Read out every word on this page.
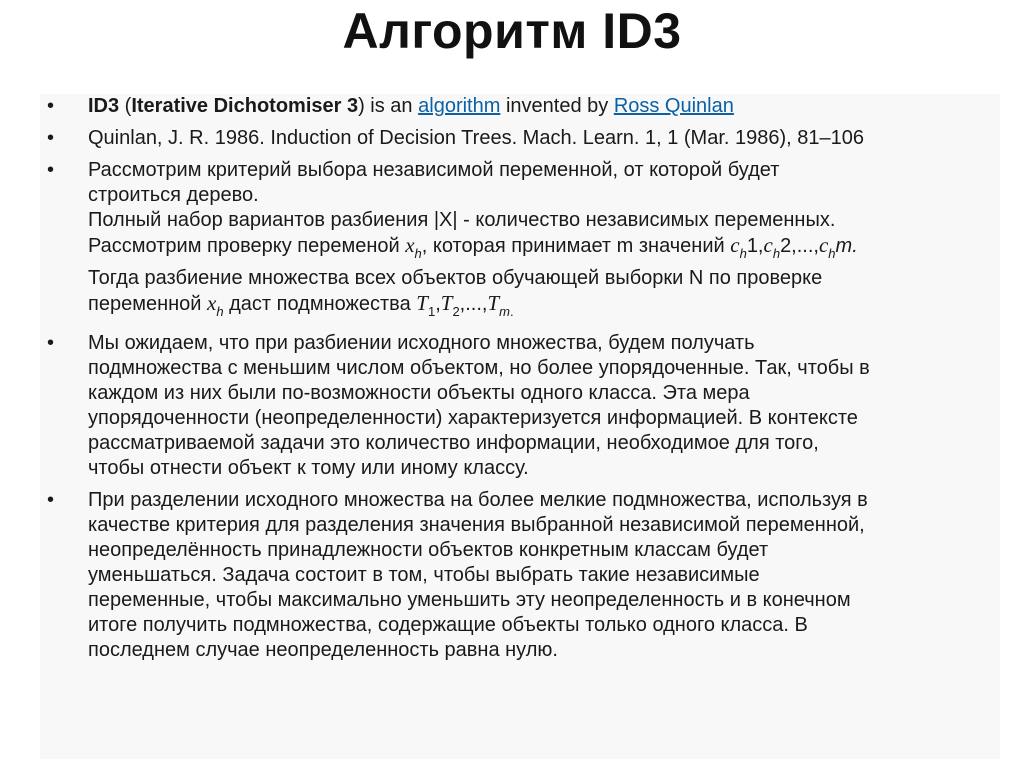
Алгоритм ID3
• ID3 (Iterative Dichotomiser 3) is an algorithm invented by Ross Quinlan
• Quinlan, J. R. 1986. Induction of Decision Trees. Mach. Learn. 1, 1 (Mar. 1986), 81–106
• Рассмотрим критерий выбора независимой переменной, от которой будет
строиться дерево.
Полный набор вариантов разбиения |X| - количество независимых переменных.
Рассмотрим проверку переменой $x_h$, которая принимает m значений $c_h1,c_h2,...,c_hm$.
Тогда разбиение множества всех объектов обучающей выборки N по проверке
переменной $x_h$ даст подмножества $T_1,T_2,...,T_{m.}$
• Мы ожидаем, что при разбиении исходного множества, будем получать
подмножества с меньшим числом объектом, но более упорядоченные. Так, чтобы в
каждом из них были по-возможности объекты одного класса. Эта мера
упорядоченности (неопределенности) характеризуется информацией. В контексте
рассматриваемой задачи это количество информации, необходимое для того,
чтобы отнести объект к тому или иному классу.
• При разделении исходного множества на более мелкие подмножества, используя в
качестве критерия для разделения значения выбранной независимой переменной,
неопределённость принадлежности объектов конкретным классам будет
уменьшаться. Задача состоит в том, чтобы выбрать такие независимые
переменные, чтобы максимально уменьшить эту неопределенность и в конечном
итоге получить подмножества, содержащие объекты только одного класса. В
последнем случае неопределенность равна нулю.
